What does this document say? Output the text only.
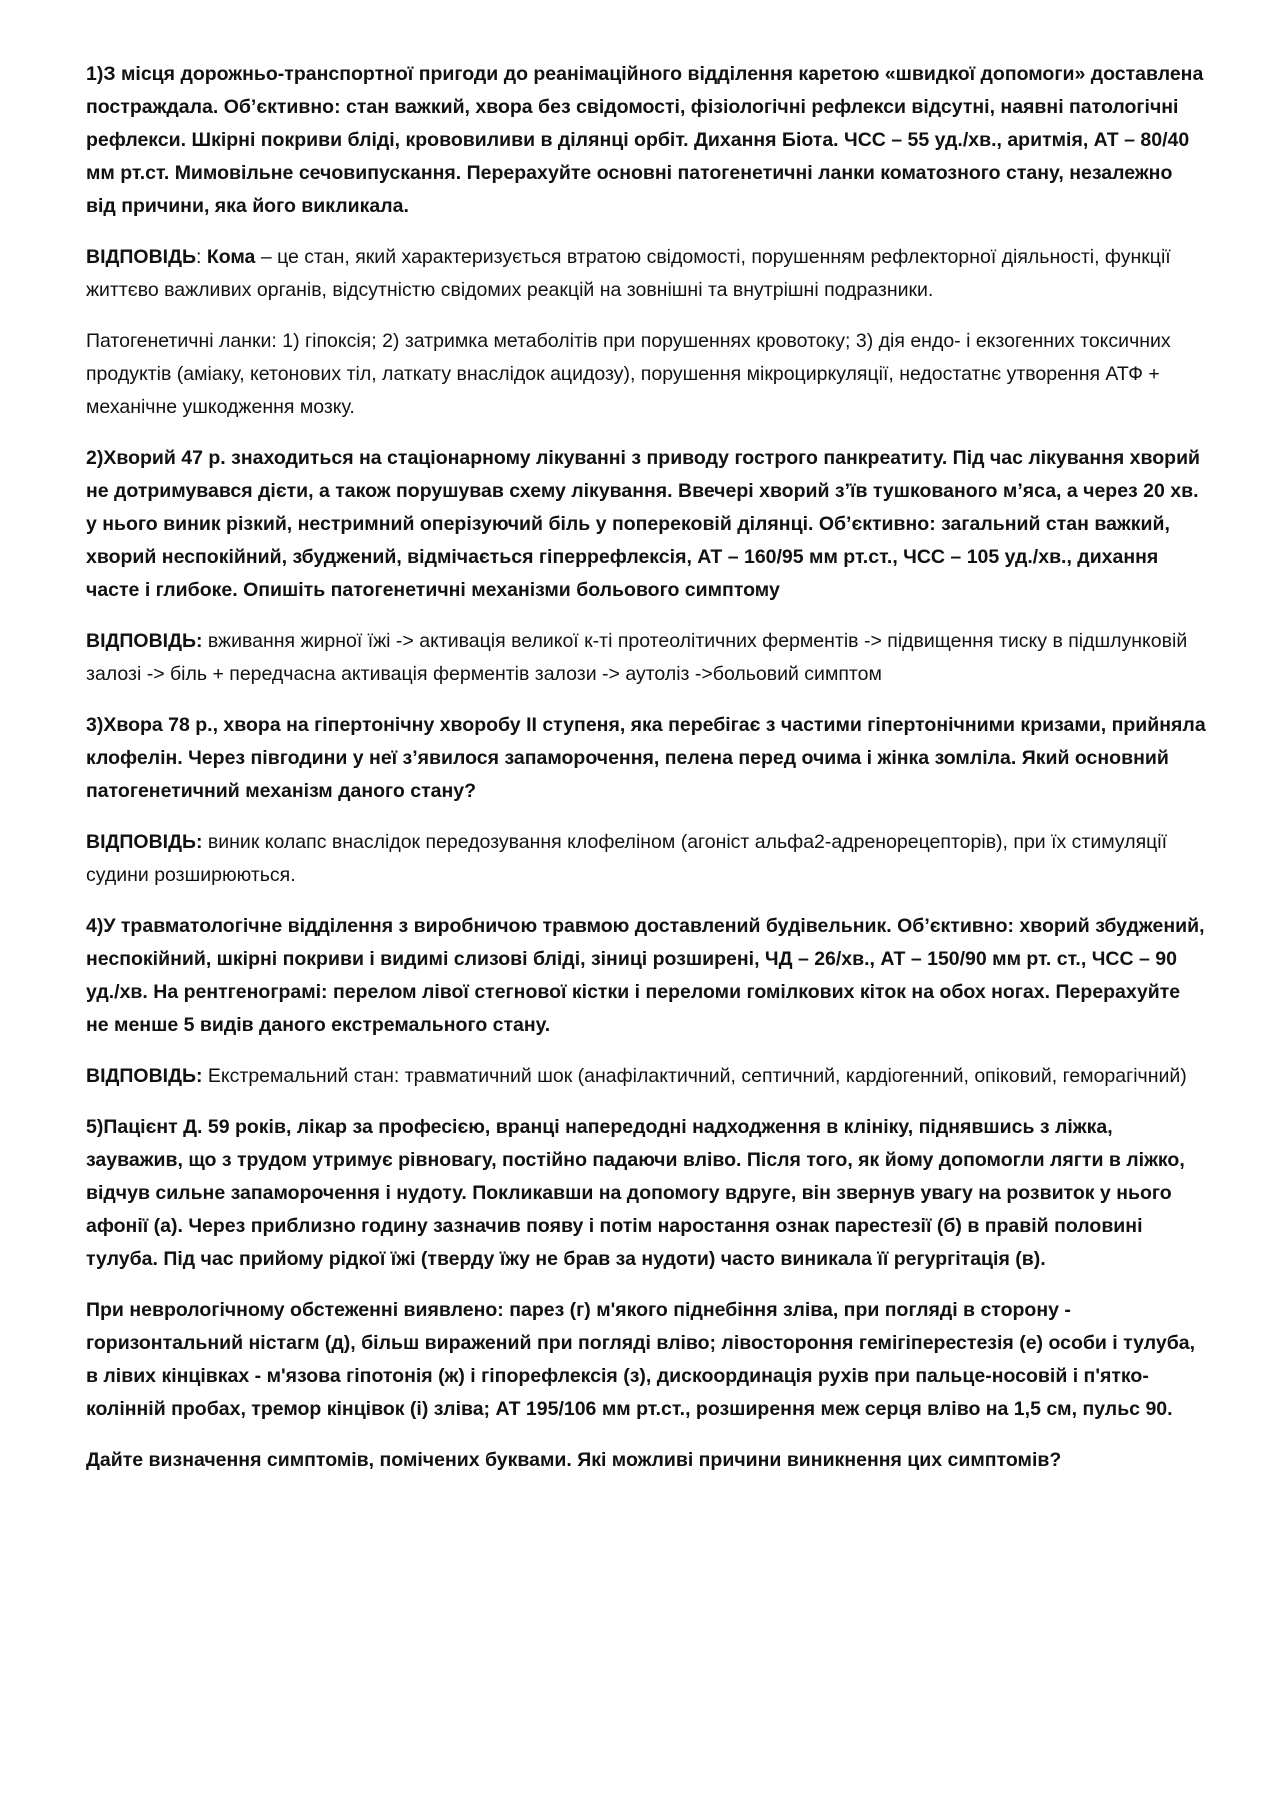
1)З місця дорожньо-транспортної пригоди до реанімаційного відділення каретою «швидкої допомоги» доставлена постраждала. Об’єктивно: стан важкий, хвора без свідомості, фізіологічні рефлекси відсутні, наявні патологічні рефлекси. Шкірні покриви бліді, крововиливи в ділянці орбіт. Дихання Біота. ЧСС – 55 уд./хв., аритмія, АТ – 80/40 мм рт.ст. Мимовільне сечовипускання. Перерахуйте основні патогенетичні ланки коматозного стану, незалежно від причини, яка його викликала.

ВІДПОВІДЬ: Кома – це стан, який характеризується втратою свідомості, порушенням рефлекторної діяльності, функції життєво важливих органів, відсутністю свідомих реакцій на зовнішні та внутрішні подразники.

Патогенетичні ланки: 1) гіпоксія; 2) затримка метаболітів при порушеннях кровотоку; 3) дія ендо- і екзогенних токсичних продуктів (аміаку, кетонових тіл, латкату внаслідок ацидозу), порушення мікроциркуляції, недостатнє утворення АТФ + механічне ушкодження мозку.

2)Хворий 47 р. знаходиться на стаціонарному лікуванні з приводу гострого панкреатиту. Під час лікування хворий не дотримувався дієти, а також порушував схему лікування. Ввечері хворий з’їв тушкованого м’яса, а через 20 хв. у нього виник різкий, нестримний оперізуючий біль у поперековій ділянці. Об’єктивно: загальний стан важкий, хворий неспокійний, збуджений, відмічається гіперрефлексія, АТ – 160/95 мм рт.ст., ЧСС – 105 уд./хв., дихання часте і глибоке. Опишіть патогенетичні механізми больового симптому

ВІДПОВІДЬ: вживання жирної їжі -> активація великої к-ті протеолітичних ферментів -> підвищення тиску в підшлунковій залозі -> біль + передчасна активація ферментів залози -> аутоліз ->больовий симптом

3)Хвора 78 р., хвора на гіпертонічну хворобу ІІ ступеня, яка перебігає з частими гіпертонічними кризами, прийняла клофелін. Через півгодини у неї з’явилося запаморочення, пелена перед очима і жінка зомліла. Який основний патогенетичний механізм даного стану?

ВІДПОВІДЬ: виник колапс внаслідок передозування клофеліном (агоніст альфа2-адренорецепторів), при їх стимуляції судини розширюються.

4)У травматологічне відділення з виробничою травмою доставлений будівельник. Об’єктивно: хворий збуджений, неспокійний, шкірні покриви і видимі слизові бліді, зіниці розширені, ЧД – 26/хв., АТ – 150/90 мм рт. ст., ЧСС – 90 уд./хв. На рентгенограмі: перелом лівої стегнової кістки і переломи гомілкових кіток на обох ногах. Перерахуйте не менше 5 видів даного екстремального стану.

ВІДПОВІДЬ: Екстремальний стан: травматичний шок (анафілактичний, септичний, кардіогенний, опіковий, геморагічний)

5)Пацієнт Д. 59 років, лікар за професією, вранці напередодні надходження в клініку, піднявшись з ліжка, зауважив, що з трудом утримує рівновагу, постійно падаючи вліво. Після того, як йому допомогли лягти в ліжко, відчув сильне запаморочення і нудоту. Покликавши на допомогу вдруге, він звернув увагу на розвиток у нього афонії (а). Через приблизно годину зазначив появу і потім наростання ознак парестезії (б) в правій половині тулуба. Під час прийому рідкої їжі (тверду їжу не брав за нудоти) часто виникала її регургітація (в).

При неврологічному обстеженні виявлено: парез (г) м'якого піднебіння зліва, при погляді в сторону - горизонтальний ністагм (д), більш виражений при погляді вліво; лівостороння гемігіперестезія (е) особи і тулуба, в лівих кінцівках - м'язова гіпотонія (ж) і гіпорефлексія (з), дискоординація рухів при пальце-носовій і п'ятко-колінній пробах, тремор кінцівок (і) зліва; АТ 195/106 мм рт.ст., розширення меж серця вліво на 1,5 см, пульс 90.

Дайте визначення симптомів, помічених буквами. Які можливі причини виникнення цих симптомів?
